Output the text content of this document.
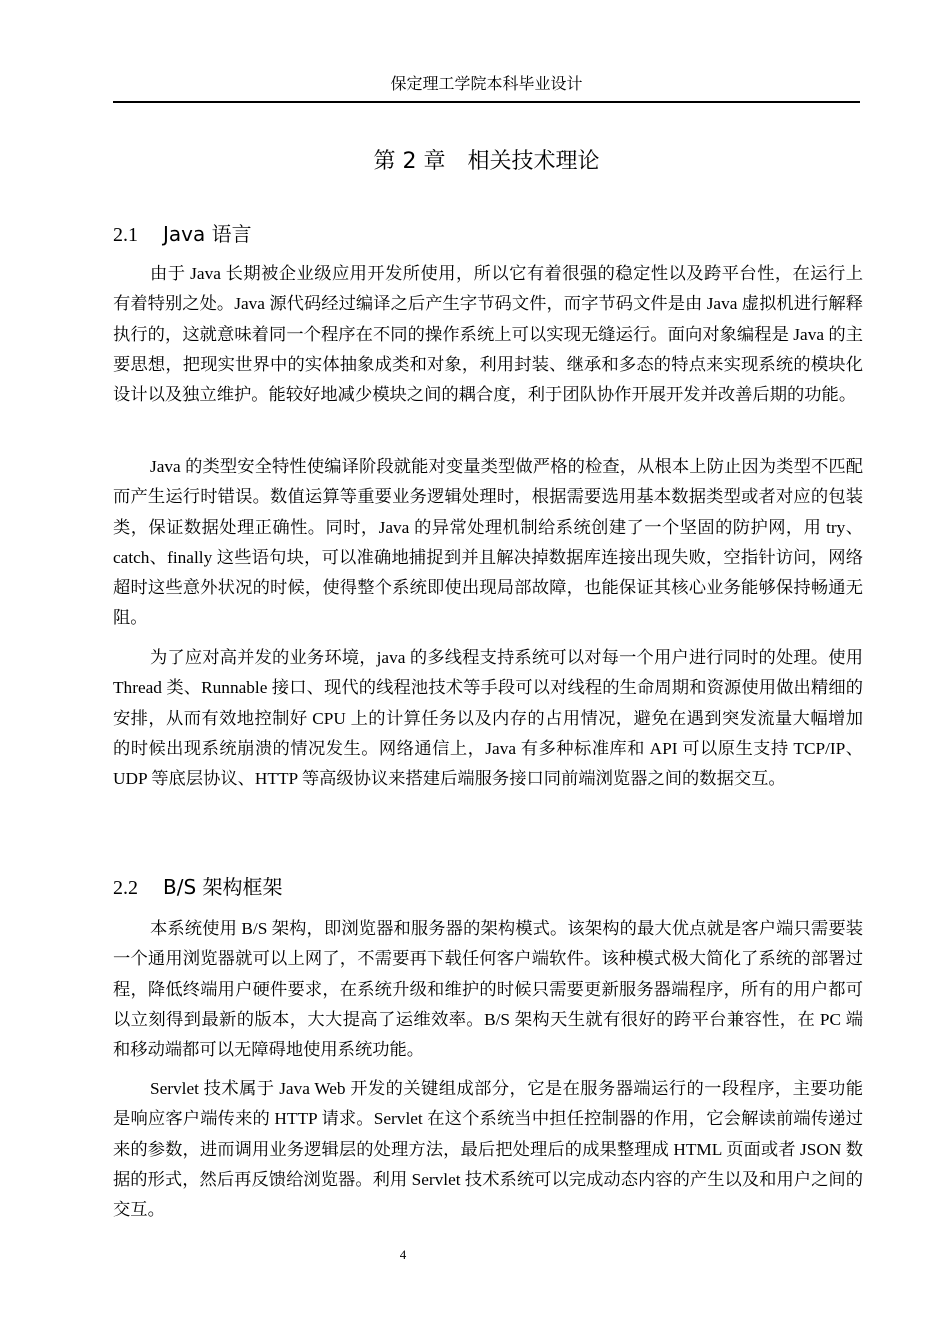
保定理工学院本科毕业设计
第 2 章 相关技术理论
2.1 Java 语言

由于 Java 长期被企业级应用开发所使用，所以它有着很强的稳定性以及跨平台性，在运行上有着特别之处。Java 源代码经过编译之后产生字节码文件，而字节码文件是由 Java 虚拟机进行解释执行的，这就意味着同一个程序在不同的操作系统上可以实现无缝运行。面向对象编程是 Java 的主要思想，把现实世界中的实体抽象成类和对象，利用封装、继承和多态的特点来实现系统的模块化设计以及独立维护。能较好地减少模块之间的耦合度，利于团队协作开展开发并改善后期的功能。

Java 的类型安全特性使编译阶段就能对变量类型做严格的检查，从根本上防止因为类型不匹配而产生运行时错误。数值运算等重要业务逻辑处理时，根据需要选用基本数据类型或者对应的包装类，保证数据处理正确性。同时，Java 的异常处理机制给系统创建了一个坚固的防护网，用 try、catch、finally 这些语句块，可以准确地捕捉到并且解决掉数据库连接出现失败，空指针访问，网络超时这些意外状况的时候，使得整个系统即使出现局部故障，也能保证其核心业务能够保持畅通无阻。

为了应对高并发的业务环境，java 的多线程支持系统可以对每一个用户进行同时的处理。使用 Thread 类、Runnable 接口、现代的线程池技术等手段可以对线程的生命周期和资源使用做出精细的安排，从而有效地控制好 CPU 上的计算任务以及内存的占用情况，避免在遇到突发流量大幅增加的时候出现系统崩溃的情况发生。网络通信上，Java 有多种标准库和 API 可以原生支持 TCP/IP、UDP 等底层协议、HTTP 等高级协议来搭建后端服务接口同前端浏览器之间的数据交互。

2.2 B/S 架构框架

本系统使用 B/S 架构，即浏览器和服务器的架构模式。该架构的最大优点就是客户端只需要装一个通用浏览器就可以上网了，不需要再下载任何客户端软件。该种模式极大简化了系统的部署过程，降低终端用户硬件要求，在系统升级和维护的时候只需要更新服务器端程序，所有的用户都可以立刻得到最新的版本，大大提高了运维效率。B/S 架构天生就有很好的跨平台兼容性，在 PC 端和移动端都可以无障碍地使用系统功能。

Servlet 技术属于 Java Web 开发的关键组成部分，它是在服务器端运行的一段程序，主要功能是响应客户端传来的 HTTP 请求。Servlet 在这个系统当中担任控制器的作用，它会解读前端传递过来的参数，进而调用业务逻辑层的处理方法，最后把处理后的成果整理成 HTML 页面或者 JSON 数据的形式，然后再反馈给浏览器。利用 Servlet 技术系统可以完成动态内容的产生以及和用户之间的交互。

4
